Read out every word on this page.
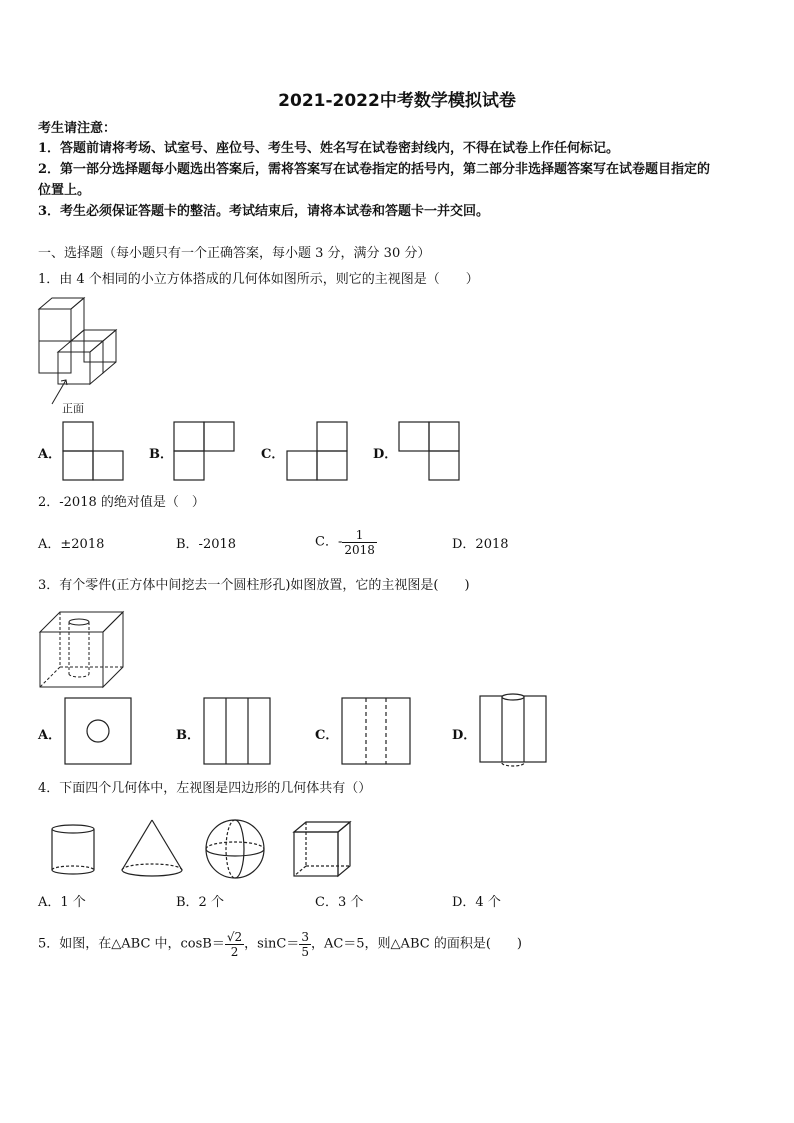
2021-2022中考数学模拟试卷
考生请注意：
1．答题前请将考场、试室号、座位号、考生号、姓名写在试卷密封线内，不得在试卷上作任何标记。
2．第一部分选择题每小题选出答案后，需将答案写在试卷指定的括号内，第二部分非选择题答案写在试卷题目指定的
位置上。
3．考生必须保证答题卡的整洁。考试结束后，请将本试卷和答题卡一并交回。
一、选择题（每小题只有一个正确答案，每小题 3 分，满分 30 分）
1．由 4 个相同的小立方体搭成的几何体如图所示，则它的主视图是（　　）
正面
A．	B．	C．	D．
2．-2018 的绝对值是（　）
A．±2018	B．-2018	C．- $\frac{1}{2018}$	D．2018
3．有个零件(正方体中间挖去一个圆柱形孔)如图放置，它的主视图是(　　)
A．	B．	C．	D．
4．下面四个几何体中，左视图是四边形的几何体共有（）
A．1 个	B．2 个	C．3 个	D．4 个
5．如图，在△ABC 中，$\cos B= \frac{√2}{2}$ ，$\sin C= \frac{3}{5}$ ，AC＝5，则△ABC 的面积是(　　)
